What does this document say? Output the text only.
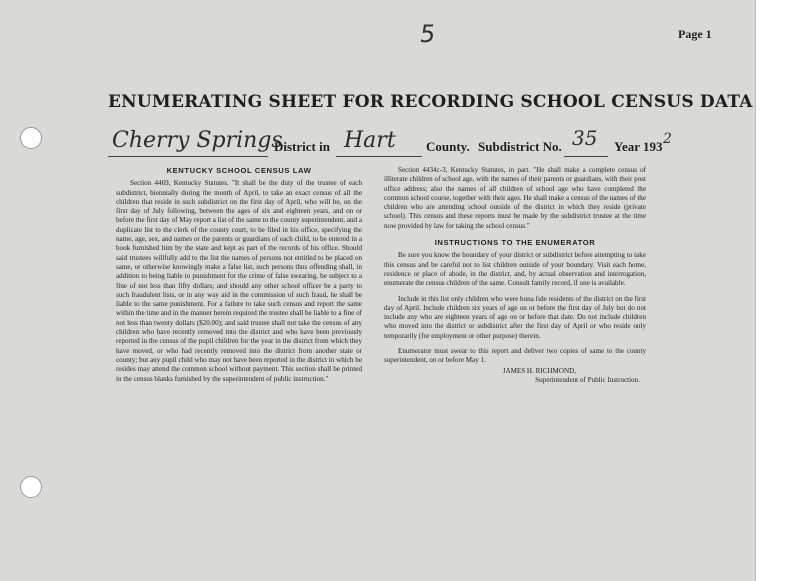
Page 1
5
ENUMERATING SHEET FOR RECORDING SCHOOL CENSUS DATA
Cherry Springs
District in Hart County. Subdistrict No. 35 Year 193 2
KENTUCKY SCHOOL CENSUS LAW

Section 4469, Kentucky Statutes. "It shall be the duty of the trustee of each subdistrict, biennially during the month of April, to take an exact census of all the children that reside in such subdistrict on the first day of April, who will be, on the first day of July following, between the ages of six and eighteen years, and on or before the first day of May report a list of the same to the county superintendent, and a duplicate list to the clerk of the county court, to be filed in his office, specifying the name, age, sex, and names or the parents or guardians of each child, to be entered in a book furnished him by the state and kept as part of the records of his office. Should said trustees willfully add to the list the names of persons not entitled to be placed on same, or otherwise knowingly make a false list, such persons thus offending shall, in addition to being liable to punishment for the crime of false swearing, be subject to a fine of not less than fifty dollars; and should any other school officer be a party to such fraudulent lists, or in any way aid in the commission of such fraud, he shall be liable to the same punishment. For a failure to take such census and report the same within the time and in the manner herein required the trustee shall be liable to a fine of not less than twenty dollars ($20.00); and said trustee shall not take the census of any children who have recently removed into the district and who have been previously reported in the census of the pupil children for the year in the district from which they have moved, or who had recently removed into the district from another state or county; but any pupil child who may not have been reported in the district in which he resides may attend the common school without payment. This section shall be printed in the census blanks furnished by the superintendent of public instruction."

Section 4434c-3, Kentucky Statutes, in part. "He shall make a complete census of illiterate children of school age, with the names of their parents or guardians, with their post office address; also the names of all children of school age who have completed the common school course, together with their ages. He shall make a census of the names of the children who are attending school outside of the district in which they reside (private school). This census and these reports must be made by the subdistrict trustee at the time now provided by law for taking the school census."

INSTRUCTIONS TO THE ENUMERATOR

Be sure you know the boundary of your district or subdistrict before attempting to take this census and be careful not to list children outside of your boundary. Visit each home, residence or place of abode, in the district, and, by actual observation and interrogation, enumerate the census children of the same. Consult family record, if one is available.

Include in this list only children who were bona fide residents of the district on the first day of April. Include children six years of age on or before the first day of July but do not include any who are eighteen years of age on or before that date. Do not include children who moved into the district or subdistrict after the first day of April or who reside only temporarily (for employment or other purpose) therein.

Enumerator must swear to this report and deliver two copies of same to the county superintendent, on or before May 1.

JAMES H. RICHMOND,

Superintendent of Public Instruction.
